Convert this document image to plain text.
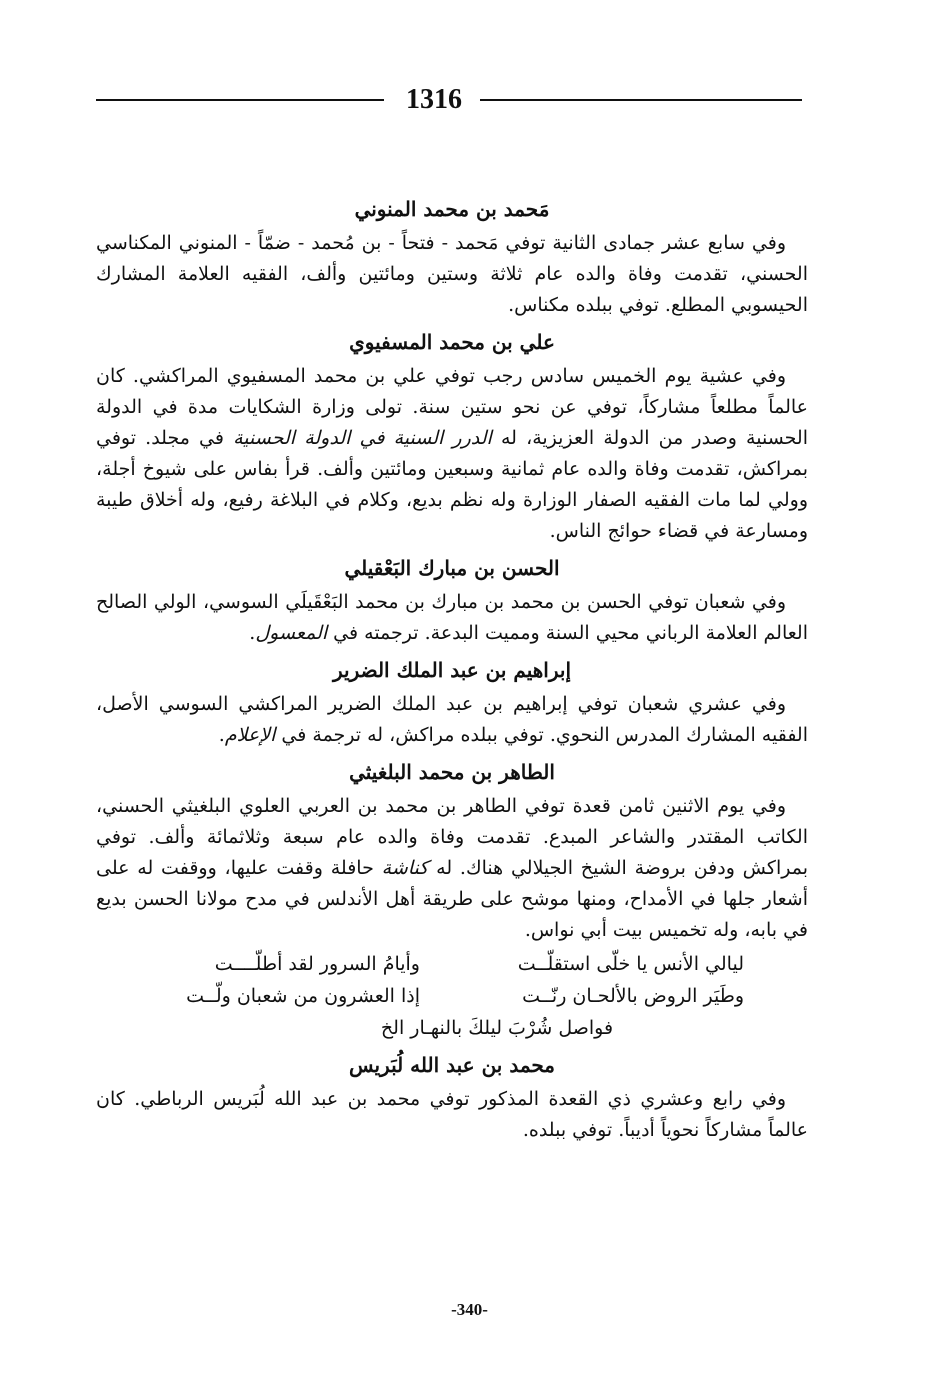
1316
مَحمد بن محمد المنوني

وفي سابع عشر جمادى الثانية توفي مَحمد - فتحاً - بن مُحمد - ضمّاً - المنوني المكناسي الحسني، تقدمت وفاة والده عام ثلاثة وستين ومائتين وألف، الفقيه العلامة المشارك الحيسوبي المطلع. توفي ببلده مكناس.

علي بن محمد المسفيوي

وفي عشية يوم الخميس سادس رجب توفي علي بن محمد المسفيوي المراكشي. كان عالماً مطلعاً مشاركاً، توفي عن نحو ستين سنة. تولى وزارة الشكايات مدة في الدولة الحسنية وصدر من الدولة العزيزية، له الدرر السنية في الدولة الحسنية في مجلد. توفي بمراكش، تقدمت وفاة والده عام ثمانية وسبعين ومائتين وألف. قرأ بفاس على شيوخ أجلة، وولي لما مات الفقيه الصفار الوزارة وله نظم بديع، وكلام في البلاغة رفيع، وله أخلاق طيبة ومسارعة في قضاء حوائج الناس.

الحسن بن مبارك البَعْقيلي

وفي شعبان توفي الحسن بن محمد بن مبارك بن محمد البَعْقَيلَي السوسي، الولي الصالح العالم العلامة الرباني محيي السنة ومميت البدعة. ترجمته في المعسول.

إبراهيم بن عبد الملك الضرير

وفي عشري شعبان توفي إبراهيم بن عبد الملك الضرير المراكشي السوسي الأصل، الفقيه المشارك المدرس النحوي. توفي ببلده مراكش، له ترجمة في الإعلام.

الطاهر بن محمد البلغيثي

وفي يوم الاثنين ثامن قعدة توفي الطاهر بن محمد بن العربي العلوي البلغيثي الحسني، الكاتب المقتدر والشاعر المبدع. تقدمت وفاة والده عام سبعة وثلاثمائة وألف. توفي بمراكش ودفن بروضة الشيخ الجيلالي هناك. له كناشة حافلة وقفت عليها، ووقفت له على أشعار جلها في الأمداح، ومنها موشح على طريقة أهل الأندلس في مدح مولانا الحسن بديع في بابه، وله تخميس بيت أبي نواس.

ليالي الأنس يا خلّى استقلّــت
وأيامُ السرور لقد أطلّــــت
وطَيَر الروض بالألحـان رنّــت
إذا العشرون من شعبان ولّــت
فواصل شُرْبَ ليلكَ بالنهـار الخ
محمد بن عبد الله لُبَريس

وفي رابع وعشري ذي القعدة المذكور توفي محمد بن عبد الله لُبَريس الرباطي. كان عالماً مشاركاً نحوياً أديباً. توفي ببلده.

-340-
